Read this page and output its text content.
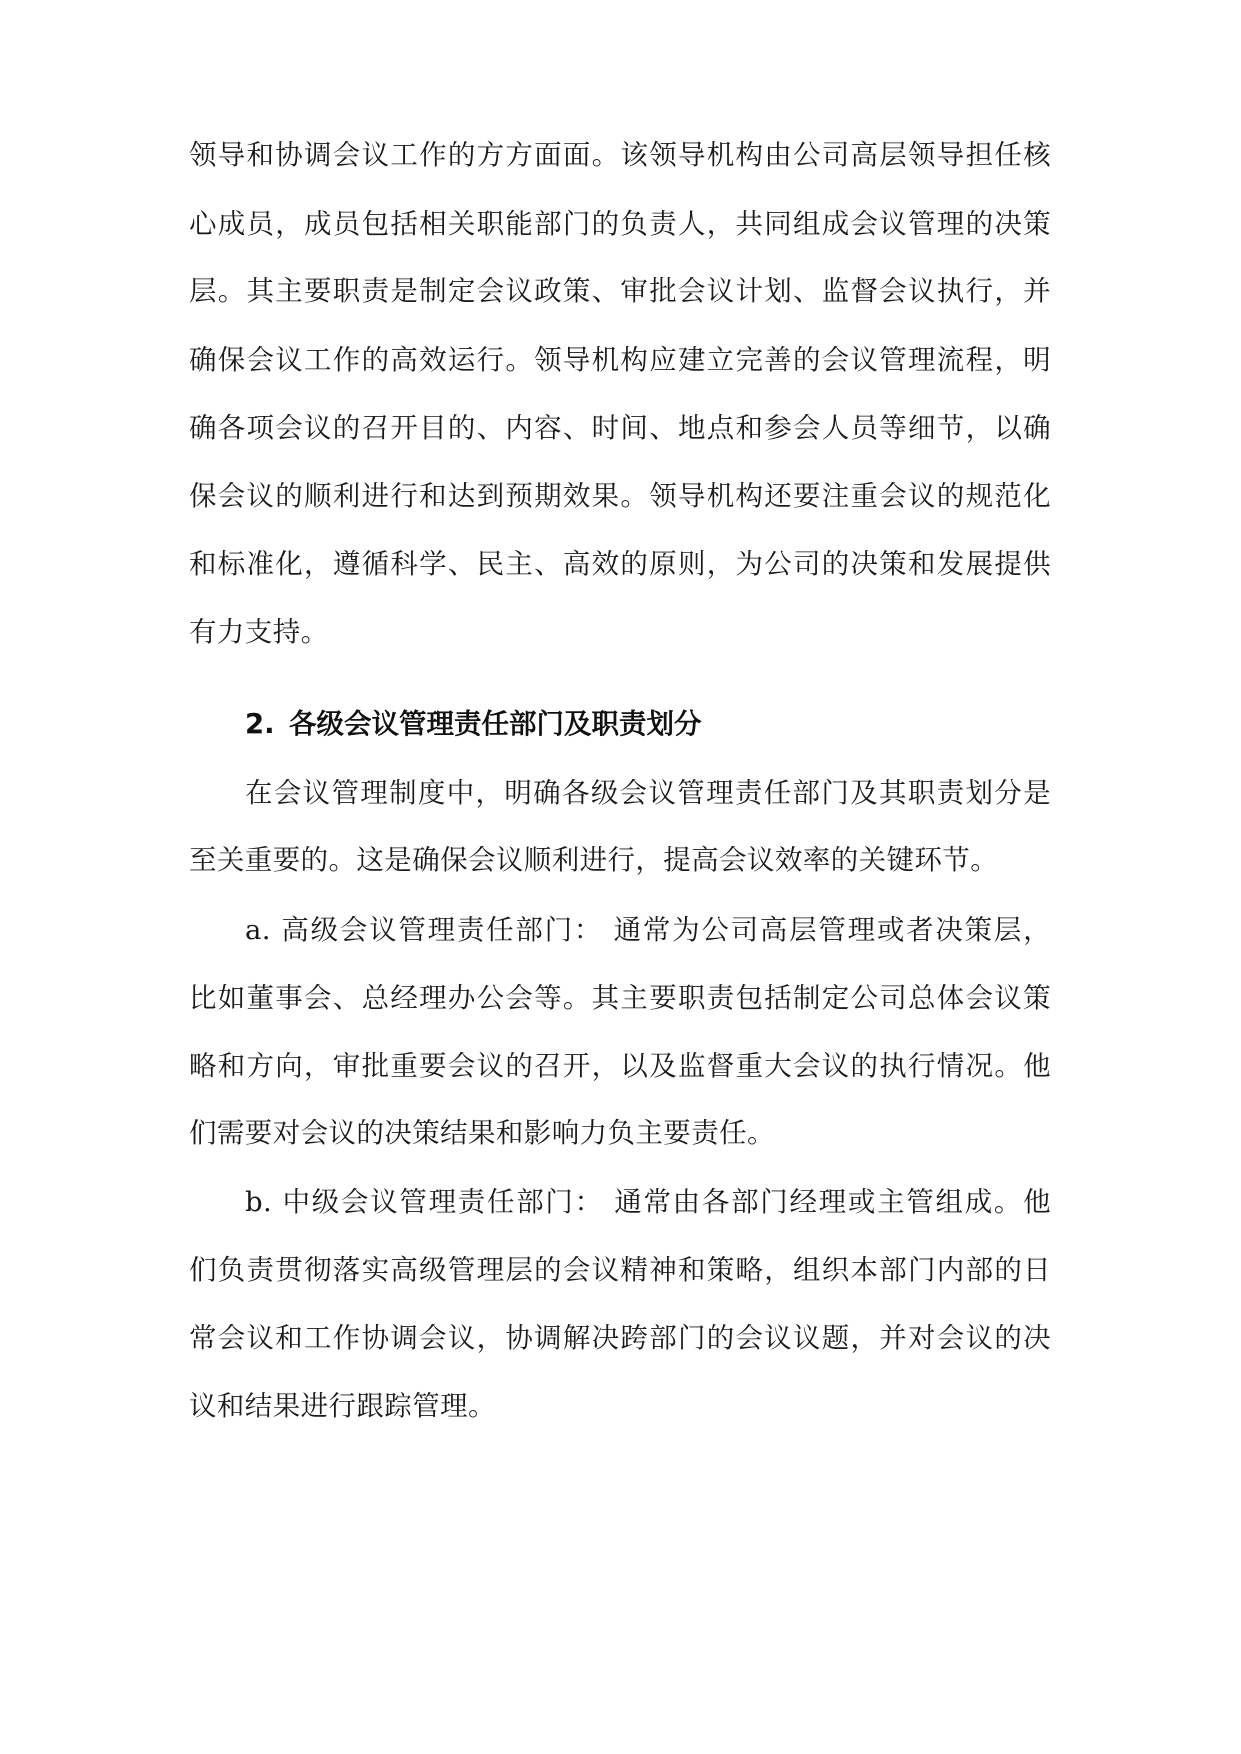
领导和协调会议工作的方方面面。该领导机构由公司高层领导担任核
心成员，成员包括相关职能部门的负责人，共同组成会议管理的决策
层。其主要职责是制定会议政策、审批会议计划、监督会议执行，并
确保会议工作的高效运行。领导机构应建立完善的会议管理流程，明
确各项会议的召开目的、内容、时间、地点和参会人员等细节，以确
保会议的顺利进行和达到预期效果。领导机构还要注重会议的规范化
和标准化，遵循科学、民主、高效的原则，为公司的决策和发展提供
有力支持。
2. 各级会议管理责任部门及职责划分
在会议管理制度中，明确各级会议管理责任部门及其职责划分是
至关重要的。这是确保会议顺利进行，提高会议效率的关键环节。
a. 高级会议管理责任部门： 通常为公司高层管理或者决策层，
比如董事会、总经理办公会等。其主要职责包括制定公司总体会议策
略和方向，审批重要会议的召开，以及监督重大会议的执行情况。他
们需要对会议的决策结果和影响力负主要责任。
b. 中级会议管理责任部门： 通常由各部门经理或主管组成。他
们负责贯彻落实高级管理层的会议精神和策略，组织本部门内部的日
常会议和工作协调会议，协调解决跨部门的会议议题，并对会议的决
议和结果进行跟踪管理。
